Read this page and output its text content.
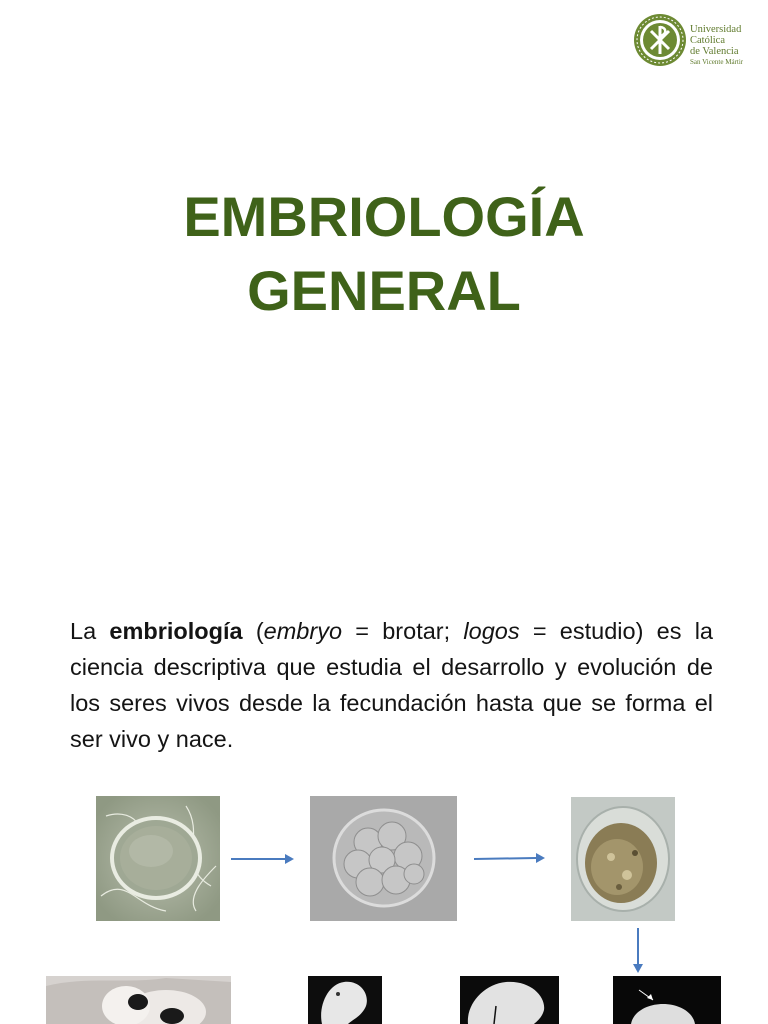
Universidad
Católica
de Valencia
San Vicente Mártir
EMBRIOLOGÍA
GENERAL
La embriología (embryo = brotar; logos = estudio) es la ciencia descriptiva que estudia el desarrollo y evolución de los seres vivos desde la fecundación hasta que se forma el ser vivo y nace.
